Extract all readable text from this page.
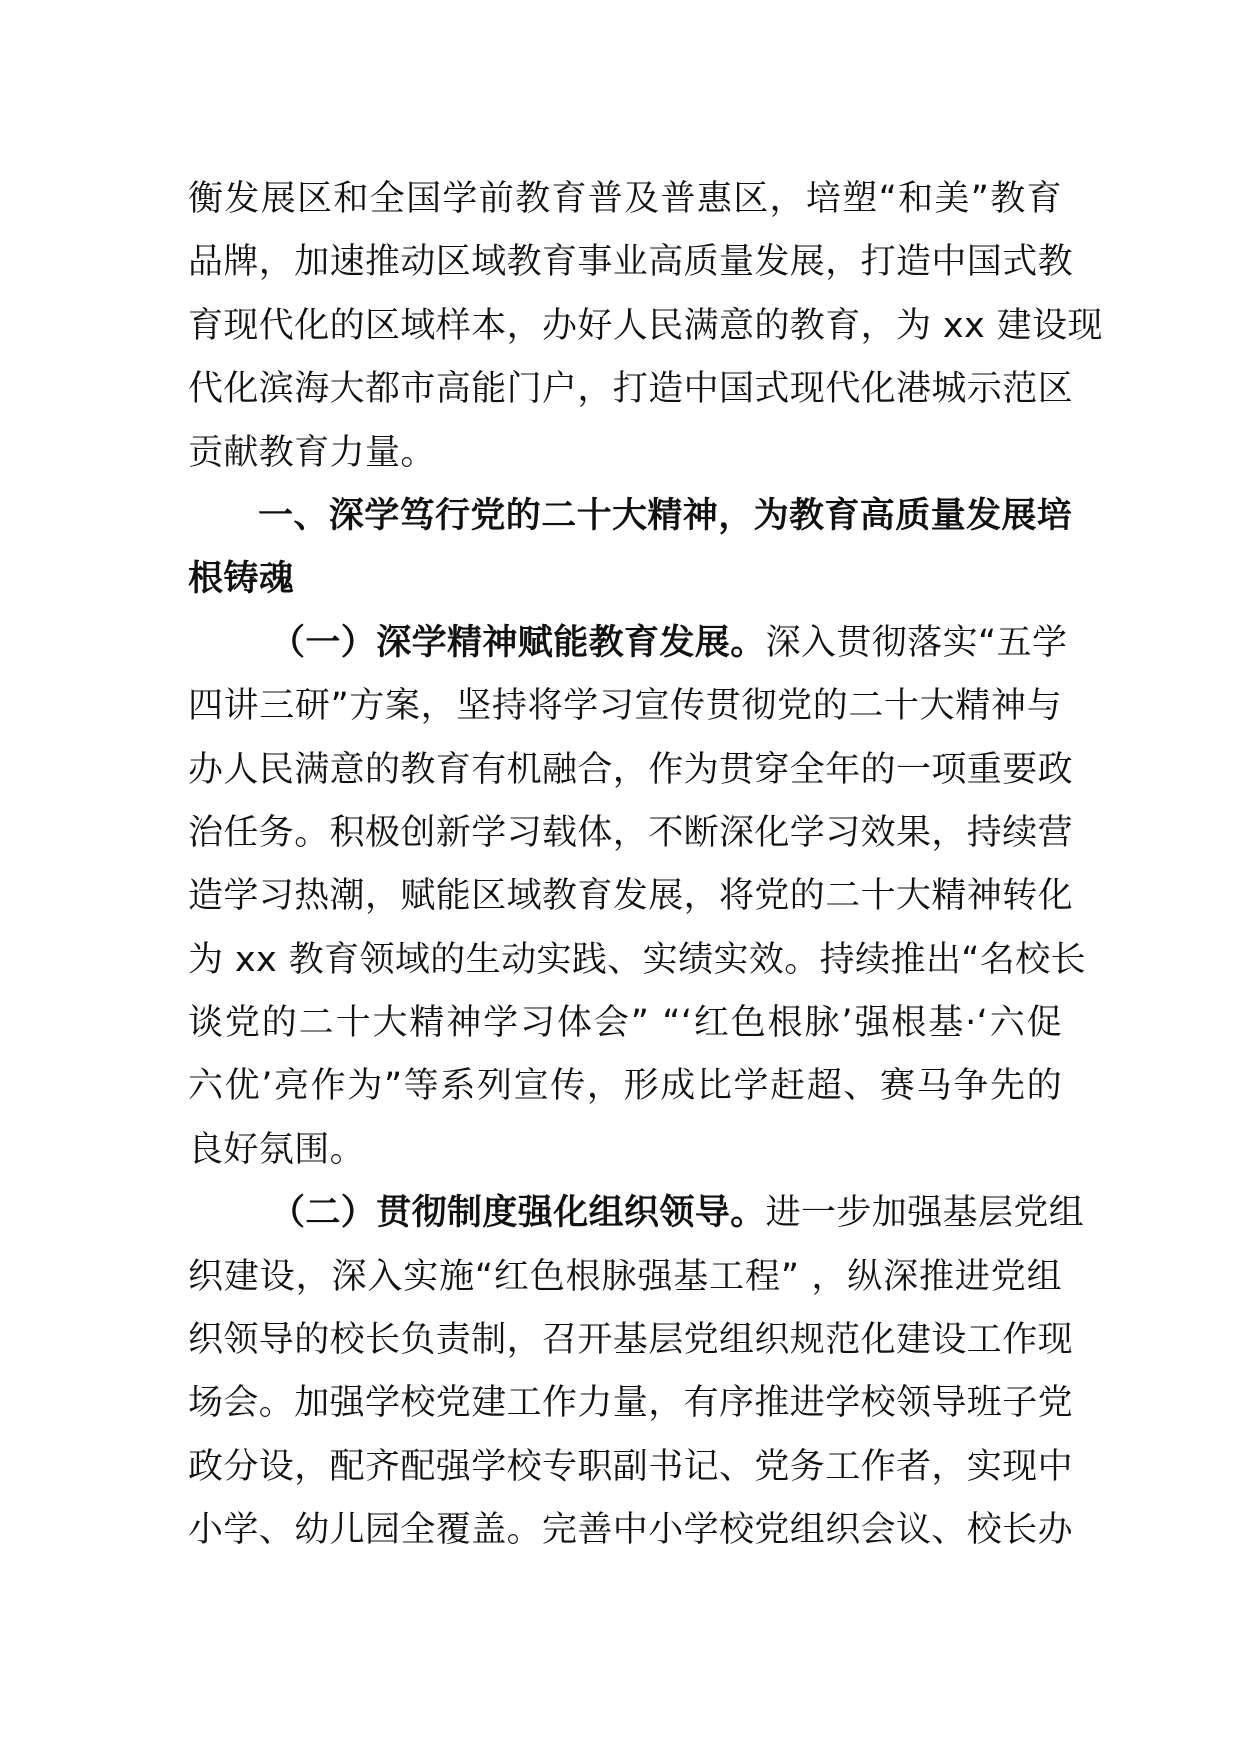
衡发展区和全国学前教育普及普惠区，培塑“和美”教育
品牌，加速推动区域教育事业高质量发展，打造中国式教
育现代化的区域样本，办好人民满意的教育，为 xx 建设现
代化滨海大都市高能门户，打造中国式现代化港城示范区
贡献教育力量。
一、深学笃行党的二十大精神，为教育高质量发展培
根铸魂
（一）深学精神赋能教育发展。深入贯彻落实“五学
四讲三研”方案，坚持将学习宣传贯彻党的二十大精神与
办人民满意的教育有机融合，作为贯穿全年的一项重要政
治任务。积极创新学习载体，不断深化学习效果，持续营
造学习热潮，赋能区域教育发展，将党的二十大精神转化
为 xx 教育领域的生动实践、实绩实效。持续推出“名校长
谈党的二十大精神学习体会” “‘红色根脉’强根基·‘六促
六优’亮作为”等系列宣传，形成比学赶超、赛马争先的
良好氛围。
（二）贯彻制度强化组织领导。进一步加强基层党组
织建设，深入实施“红色根脉强基工程” ，纵深推进党组
织领导的校长负责制，召开基层党组织规范化建设工作现
场会。加强学校党建工作力量，有序推进学校领导班子党
政分设，配齐配强学校专职副书记、党务工作者，实现中
小学、幼儿园全覆盖。完善中小学校党组织会议、校长办
